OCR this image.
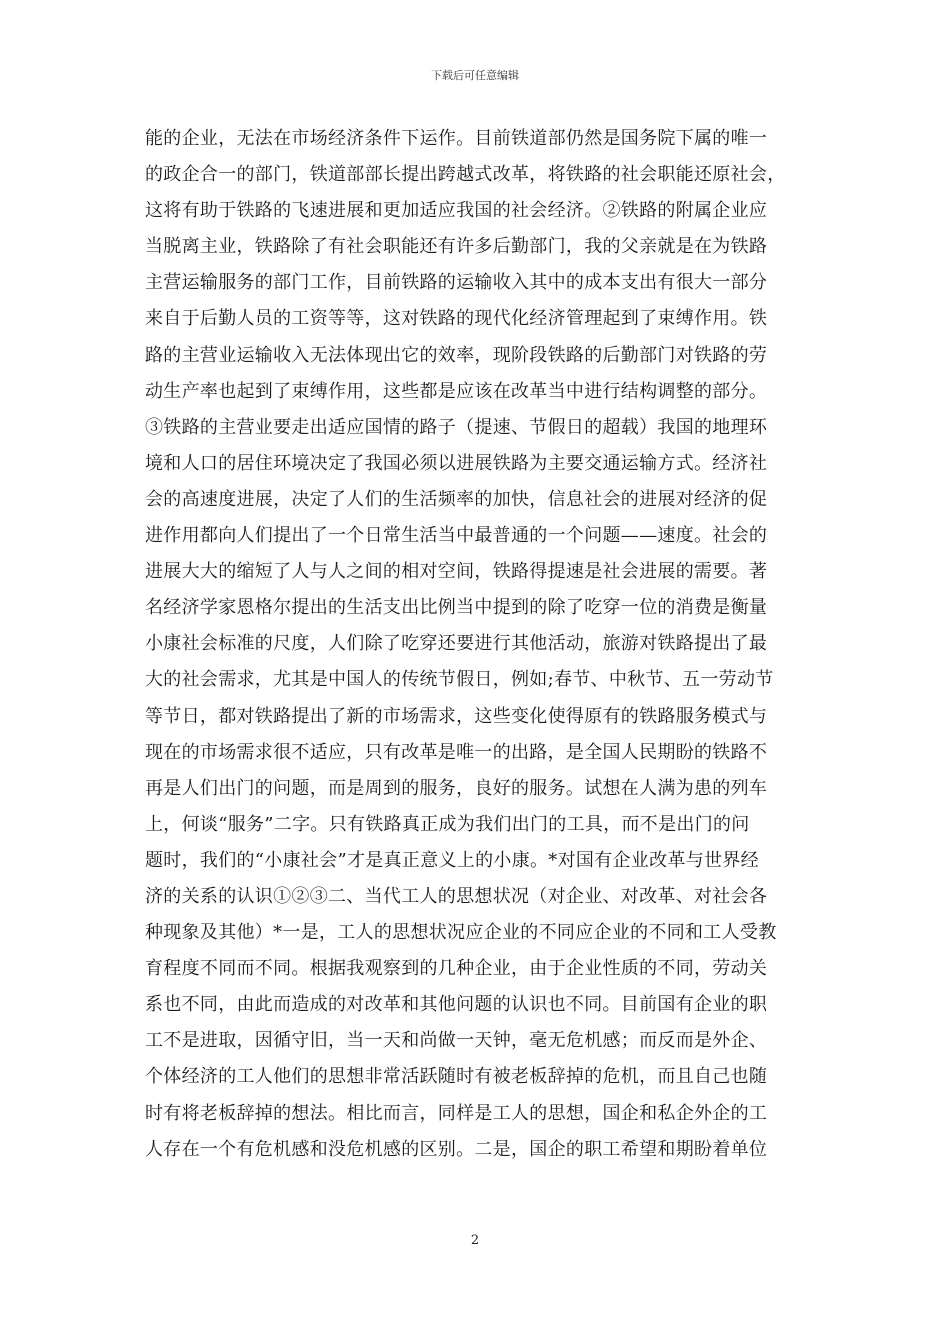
下载后可任意编辑
能的企业，无法在市场经济条件下运作。目前铁道部仍然是国务院下属的唯一
的政企合一的部门，铁道部部长提出跨越式改革，将铁路的社会职能还原社会，
这将有助于铁路的飞速进展和更加适应我国的社会经济。②铁路的附属企业应
当脱离主业，铁路除了有社会职能还有许多后勤部门，我的父亲就是在为铁路
主营运输服务的部门工作，目前铁路的运输收入其中的成本支出有很大一部分
来自于后勤人员的工资等等，这对铁路的现代化经济管理起到了束缚作用。铁
路的主营业运输收入无法体现出它的效率，现阶段铁路的后勤部门对铁路的劳
动生产率也起到了束缚作用，这些都是应该在改革当中进行结构调整的部分。
③铁路的主营业要走出适应国情的路子（提速、节假日的超载）我国的地理环
境和人口的居住环境决定了我国必须以进展铁路为主要交通运输方式。经济社
会的高速度进展，决定了人们的生活频率的加快，信息社会的进展对经济的促
进作用都向人们提出了一个日常生活当中最普通的一个问题——速度。社会的
进展大大的缩短了人与人之间的相对空间，铁路得提速是社会进展的需要。著
名经济学家恩格尔提出的生活支出比例当中提到的除了吃穿一位的消费是衡量
小康社会标准的尺度，人们除了吃穿还要进行其他活动，旅游对铁路提出了最
大的社会需求，尤其是中国人的传统节假日，例如;春节、中秋节、五一劳动节
等节日，都对铁路提出了新的市场需求，这些变化使得原有的铁路服务模式与
现在的市场需求很不适应，只有改革是唯一的出路，是全国人民期盼的铁路不
再是人们出门的问题，而是周到的服务，良好的服务。试想在人满为患的列车
上，何谈“服务”二字。只有铁路真正成为我们出门的工具，而不是出门的问
题时，我们的“小康社会”才是真正意义上的小康。*对国有企业改革与世界经
济的关系的认识①②③二、当代工人的思想状况（对企业、对改革、对社会各
种现象及其他）*一是，工人的思想状况应企业的不同应企业的不同和工人受教
育程度不同而不同。根据我观察到的几种企业，由于企业性质的不同，劳动关
系也不同，由此而造成的对改革和其他问题的认识也不同。目前国有企业的职
工不是进取，因循守旧，当一天和尚做一天钟，毫无危机感；而反而是外企、
个体经济的工人他们的思想非常活跃随时有被老板辞掉的危机，而且自己也随
时有将老板辞掉的想法。相比而言，同样是工人的思想，国企和私企外企的工
人存在一个有危机感和没危机感的区别。二是，国企的职工希望和期盼着单位
2
